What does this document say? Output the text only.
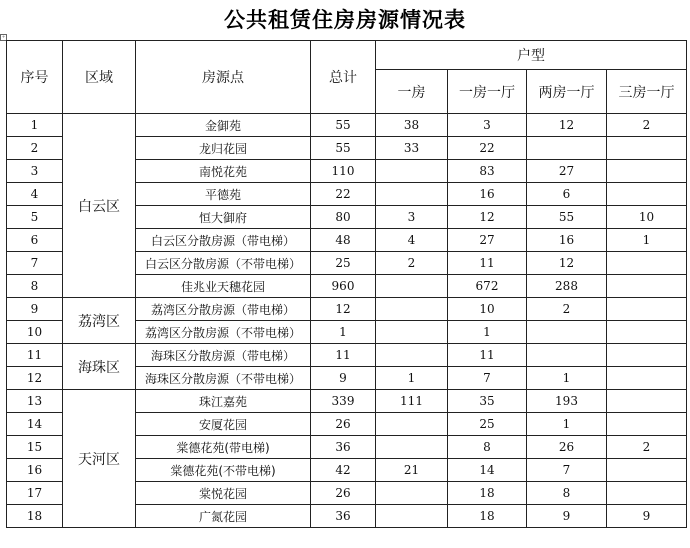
公共租赁住房房源情况表
+
序号	区域	房源点	总计	户型			
				一房	一房一厅	两房一厅	三房一厅
1	白云区	金御苑	55	38	3	12	2
2		龙归花园	55	33	22		
3		南悦花苑	110		83	27	
4		平德苑	22		16	6	
5		恒大御府	80	3	12	55	10
6		白云区分散房源（带电梯）	48	4	27	16	1
7		白云区分散房源（不带电梯）	25	2	11	12	
8		佳兆业天穗花园	960		672	288	
9	荔湾区	荔湾区分散房源（带电梯）	12		10	2	
10		荔湾区分散房源（不带电梯）	1		1		
11	海珠区	海珠区分散房源（带电梯）	11		11		
12		海珠区分散房源（不带电梯）	9	1	7	1	
13	天河区	珠江嘉苑	339	111	35	193	
14		安厦花园	26		25	1	
15		棠德花苑(带电梯)	36		8	26	2
16		棠德花苑(不带电梯)	42	21	14	7	
17		棠悦花园	26		18	8	
18		广氮花园	36		18	9	9
